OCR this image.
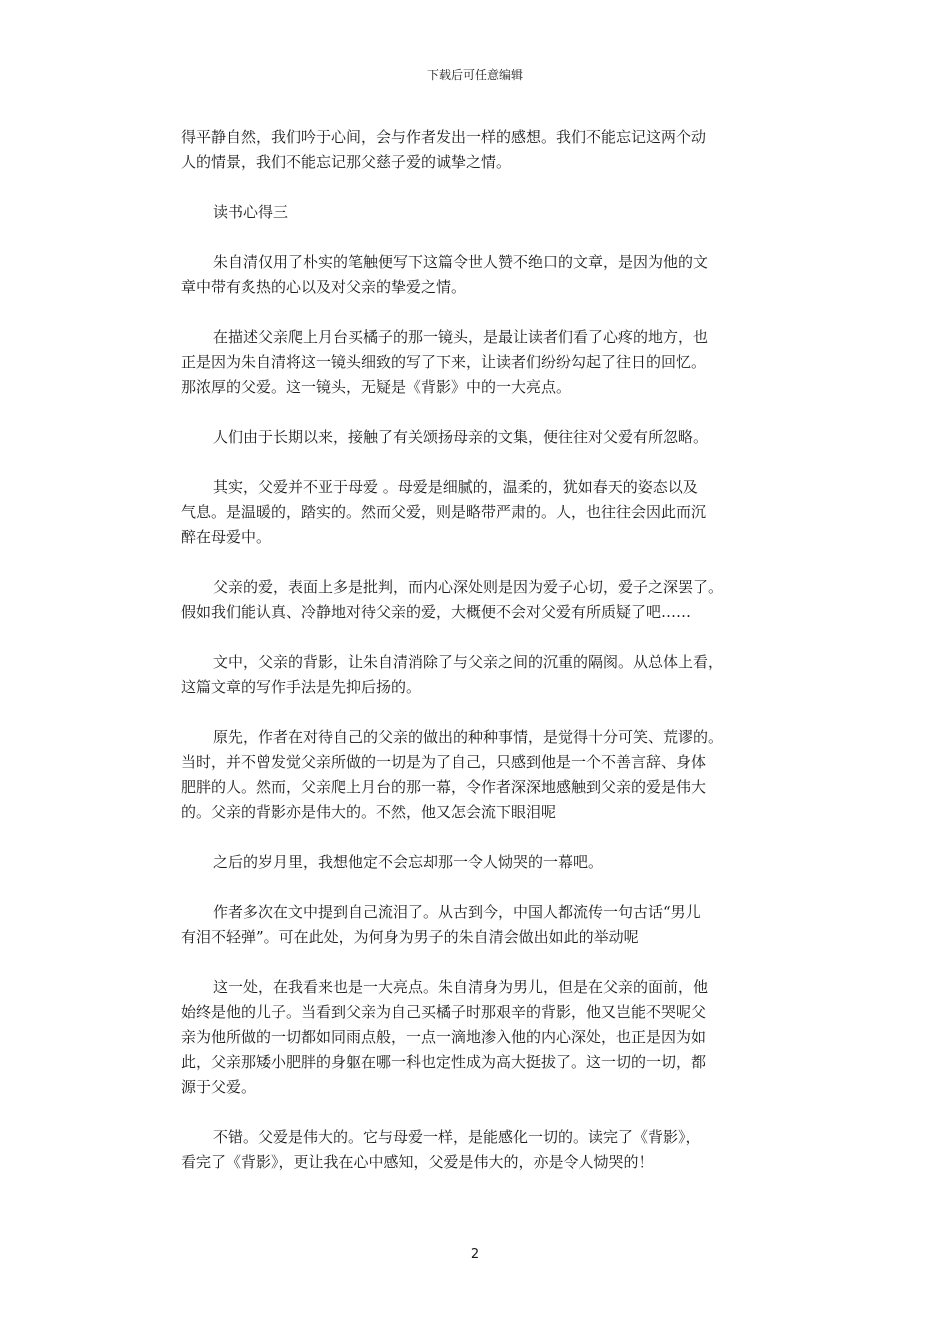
下载后可任意编辑
得平静自然，我们吟于心间，会与作者发出一样的感想。我们不能忘记这两个动
人的情景，我们不能忘记那父慈子爱的诚挚之情。
读书心得三
朱自清仅用了朴实的笔触便写下这篇令世人赞不绝口的文章，是因为他的文
章中带有炙热的心以及对父亲的挚爱之情。
在描述父亲爬上月台买橘子的那一镜头，是最让读者们看了心疼的地方，也
正是因为朱自清将这一镜头细致的写了下来，让读者们纷纷勾起了往日的回忆。
那浓厚的父爱。这一镜头，无疑是《背影》中的一大亮点。
人们由于长期以来，接触了有关颂扬母亲的文集，便往往对父爱有所忽略。
其实，父爱并不亚于母爱 。母爱是细腻的，温柔的，犹如春天的姿态以及
气息。是温暖的，踏实的。然而父爱，则是略带严肃的。人，也往往会因此而沉
醉在母爱中。
父亲的爱，表面上多是批判，而内心深处则是因为爱子心切，爱子之深罢了。
假如我们能认真、冷静地对待父亲的爱，大概便不会对父爱有所质疑了吧……
文中，父亲的背影，让朱自清消除了与父亲之间的沉重的隔阂。从总体上看，
这篇文章的写作手法是先抑后扬的。
原先，作者在对待自己的父亲的做出的种种事情，是觉得十分可笑、荒谬的。
当时，并不曾发觉父亲所做的一切是为了自己，只感到他是一个不善言辞、身体
肥胖的人。然而，父亲爬上月台的那一幕，令作者深深地感触到父亲的爱是伟大
的。父亲的背影亦是伟大的。不然，他又怎会流下眼泪呢
之后的岁月里，我想他定不会忘却那一令人恸哭的一幕吧。
作者多次在文中提到自己流泪了。从古到今，中国人都流传一句古话“男儿
有泪不轻弹”。可在此处，为何身为男子的朱自清会做出如此的举动呢
这一处，在我看来也是一大亮点。朱自清身为男儿，但是在父亲的面前，他
始终是他的儿子。当看到父亲为自己买橘子时那艰辛的背影，他又岂能不哭呢父
亲为他所做的一切都如同雨点般，一点一滴地渗入他的内心深处，也正是因为如
此，父亲那矮小肥胖的身躯在哪一科也定性成为高大挺拔了。这一切的一切，都
源于父爱。
不错。父爱是伟大的。它与母爱一样，是能感化一切的。读完了《背影》，
看完了《背影》，更让我在心中感知，父爱是伟大的，亦是令人恸哭的！
2
